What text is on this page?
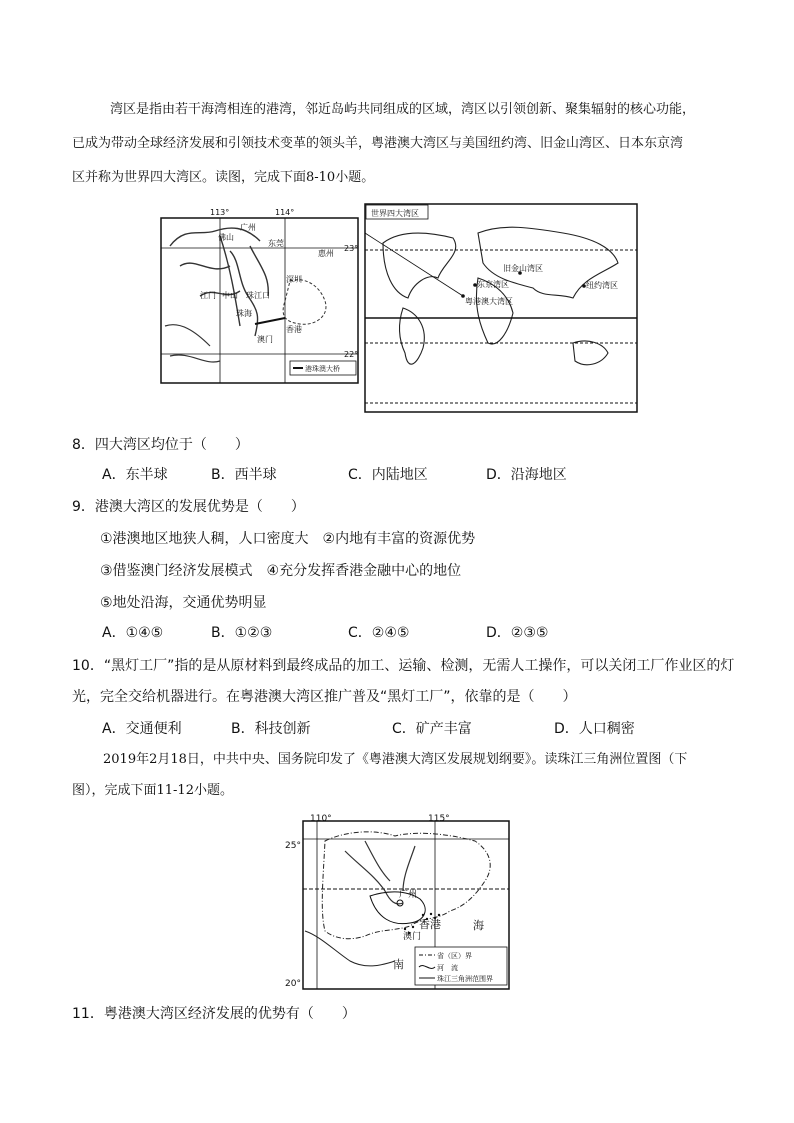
湾区是指由若干海湾相连的港湾，邻近岛屿共同组成的区域，湾区以引领创新、聚集辐射的核心功能，
已成为带动全球经济发展和引领技术变革的领头羊，粤港澳大湾区与美国纽约湾、旧金山湾区、日本东京湾
区并称为世界四大湾区。读图，完成下面8-10小题。
113°	114°
广州
佛山
东莞
惠州
深圳
江门 中山 珠江口
珠海
香港
澳门
港珠澳大桥
23°
22°
世界四大湾区
东京湾区
旧金山湾区
纽约湾区
粤港澳大湾区
8．四大湾区均位于（　　）
A．东半球	B．西半球	C．内陆地区	D．沿海地区
9．港澳大湾区的发展优势是（　　）
①港澳地区地狭人稠，人口密度大　②内地有丰富的资源优势
③借鉴澳门经济发展模式　④充分发挥香港金融中心的地位
⑤地处沿海，交通优势明显
A．①④⑤	B．①②③	C．②④⑤	D．②③⑤
10．“黑灯工厂”指的是从原材料到最终成品的加工、运输、检测，无需人工操作，可以关闭工厂作业区的灯
光，完全交给机器进行。在粤港澳大湾区推广普及“黑灯工厂”，依靠的是（　　）
A．交通便利	B．科技创新	C．矿产丰富	D．人口稠密
2019年2月18日，中共中央、国务院印发了《粤港澳大湾区发展规划纲要》。读珠江三角洲位置图（下
图），完成下面11-12小题。
110°	115°
25°
20°
广州
香港
澳门
南
海
省（区）界
河　流
珠江三角洲范围界
11．粤港澳大湾区经济发展的优势有（　　）
